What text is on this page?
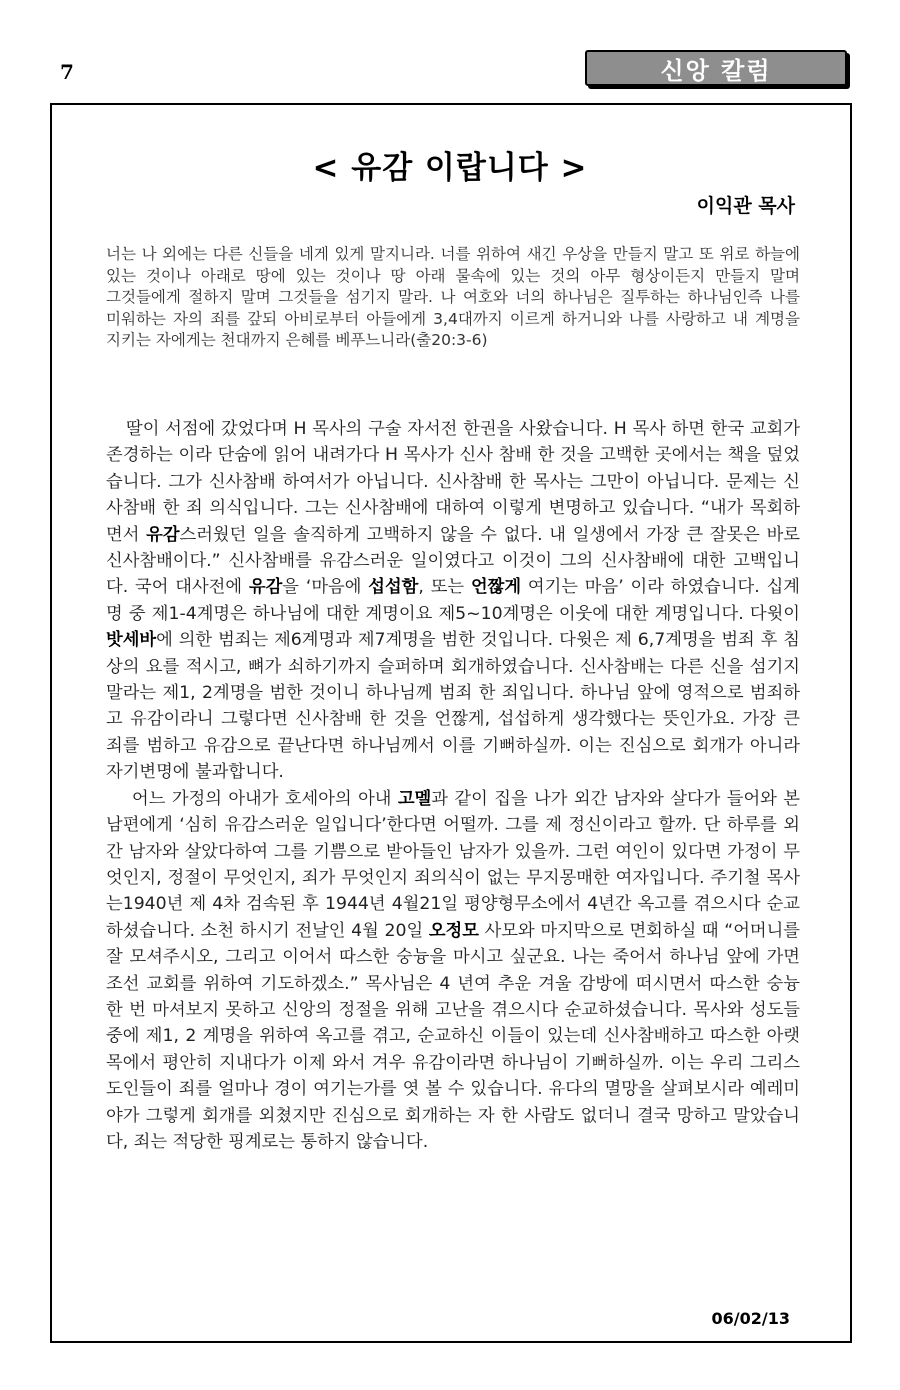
7	신앙 칼럼
< 유감 이랍니다 >
이익관 목사
너는 나 외에는 다른 신들을 네게 있게 말지니라. 너를 위하여 새긴 우상을 만들지 말고 또 위로 하늘에 있는 것이나 아래로 땅에 있는 것이나 땅 아래 물속에 있는 것의 아무 형상이든지 만들지 말며 그것들에게 절하지 말며 그것들을 섬기지 말라. 나 여호와 너의 하나님은 질투하는 하나님인즉 나를 미워하는 자의 죄를 갚되 아비로부터 아들에게 3,4대까지 이르게 하거니와 나를 사랑하고 내 계명을 지키는 자에게는 천대까지 은혜를 베푸느니라(출20:3-6)

딸이 서점에 갔었다며 H 목사의 구술 자서전 한권을 사왔습니다. H 목사 하면 한국 교회가 존경하는 이라 단숨에 읽어 내려가다 H 목사가 신사 참배 한 것을 고백한 곳에서는 책을 덮었습니다. 그가 신사참배 하여서가 아닙니다. 신사참배 한 목사는 그만이 아닙니다. 문제는 신사참배 한 죄 의식입니다. 그는 신사참배에 대하여 이렇게 변명하고 있습니다. “내가 목회하면서 유감스러웠던 일을 솔직하게 고백하지 않을 수 없다. 내 일생에서 가장 큰 잘못은 바로 신사참배이다.” 신사참배를 유감스러운 일이였다고 이것이 그의 신사참배에 대한 고백입니다. 국어 대사전에 유감을 ‘마음에 섭섭함, 또는 언짢게 여기는 마음’ 이라 하였습니다. 십계명 중 제1-4계명은 하나님에 대한 계명이요 제5~10계명은 이웃에 대한 계명입니다. 다윗이 밧세바에 의한 범죄는 제6계명과 제7계명을 범한 것입니다. 다윗은 제 6,7계명을 범죄 후 침상의 요를 적시고, 뼈가 쇠하기까지 슬퍼하며 회개하였습니다. 신사참배는 다른 신을 섬기지 말라는 제1, 2계명을 범한 것이니 하나님께 범죄 한 죄입니다. 하나님 앞에 영적으로 범죄하고 유감이라니 그렇다면 신사참배 한 것을 언짢게, 섭섭하게 생각했다는 뜻인가요. 가장 큰 죄를 범하고 유감으로 끝난다면 하나님께서 이를 기뻐하실까. 이는 진심으로 회개가 아니라 자기변명에 불과합니다.

어느 가정의 아내가 호세아의 아내 고멜과 같이 집을 나가 외간 남자와 살다가 들어와 본 남편에게 ‘심히 유감스러운 일입니다’한다면 어떨까. 그를 제 정신이라고 할까. 단 하루를 외간 남자와 살았다하여 그를 기쁨으로 받아들인 남자가 있을까. 그런 여인이 있다면 가정이 무엇인지, 정절이 무엇인지, 죄가 무엇인지 죄의식이 없는 무지몽매한 여자입니다. 주기철 목사는1940년 제 4차 검속된 후 1944년 4월21일 평양형무소에서 4년간 옥고를 겪으시다 순교하셨습니다. 소천 하시기 전날인 4월 20일 오정모 사모와 마지막으로 면회하실 때 “어머니를 잘 모셔주시오, 그리고 이어서 따스한 숭늉을 마시고 싶군요. 나는 죽어서 하나님 앞에 가면 조선 교회를 위하여 기도하겠소.” 목사님은 4 년여 추운 겨울 감방에 떠시면서 따스한 숭늉 한 번 마셔보지 못하고 신앙의 정절을 위해 고난을 겪으시다 순교하셨습니다. 목사와 성도들 중에 제1, 2 계명을 위하여 옥고를 겪고, 순교하신 이들이 있는데 신사참배하고 따스한 아랫목에서 평안히 지내다가 이제 와서 겨우 유감이라면 하나님이 기뻐하실까. 이는 우리 그리스도인들이 죄를 얼마나 경이 여기는가를 엿 볼 수 있습니다. 유다의 멸망을 살펴보시라 예레미야가 그렇게 회개를 외쳤지만 진심으로 회개하는 자 한 사람도 없더니 결국 망하고 말았습니다, 죄는 적당한 핑계로는 통하지 않습니다.

06/02/13
